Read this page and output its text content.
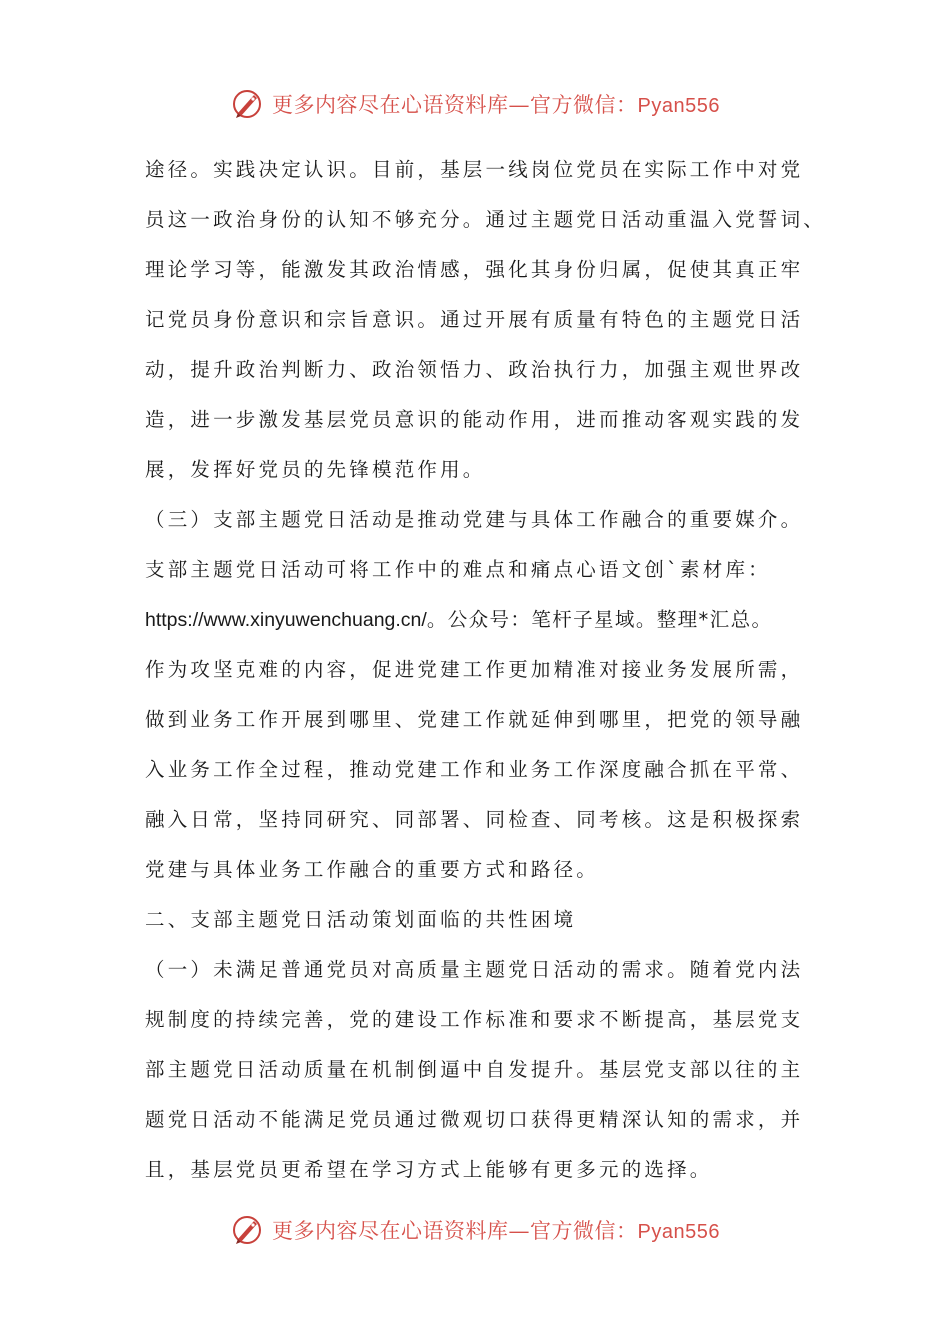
更多内容尽在心语资料库—官方微信：Pyan556
途径。实践决定认识。目前，基层一线岗位党员在实际工作中对党
员这一政治身份的认知不够充分。通过主题党日活动重温入党誓词、
理论学习等，能激发其政治情感，强化其身份归属，促使其真正牢
记党员身份意识和宗旨意识。通过开展有质量有特色的主题党日活
动，提升政治判断力、政治领悟力、政治执行力，加强主观世界改
造，进一步激发基层党员意识的能动作用，进而推动客观实践的发
展，发挥好党员的先锋模范作用。
（三）支部主题党日活动是推动党建与具体工作融合的重要媒介。
支部主题党日活动可将工作中的难点和痛点心语文创`素材库：
https://www.xinyuwenchuang.cn/。公众号：笔杆子星域。整理*汇总。
作为攻坚克难的内容，促进党建工作更加精准对接业务发展所需，
做到业务工作开展到哪里、党建工作就延伸到哪里，把党的领导融
入业务工作全过程，推动党建工作和业务工作深度融合抓在平常、
融入日常，坚持同研究、同部署、同检查、同考核。这是积极探索
党建与具体业务工作融合的重要方式和路径。
二、支部主题党日活动策划面临的共性困境
（一）未满足普通党员对高质量主题党日活动的需求。随着党内法
规制度的持续完善，党的建设工作标准和要求不断提高，基层党支
部主题党日活动质量在机制倒逼中自发提升。基层党支部以往的主
题党日活动不能满足党员通过微观切口获得更精深认知的需求，并
且，基层党员更希望在学习方式上能够有更多元的选择。
更多内容尽在心语资料库—官方微信：Pyan556
